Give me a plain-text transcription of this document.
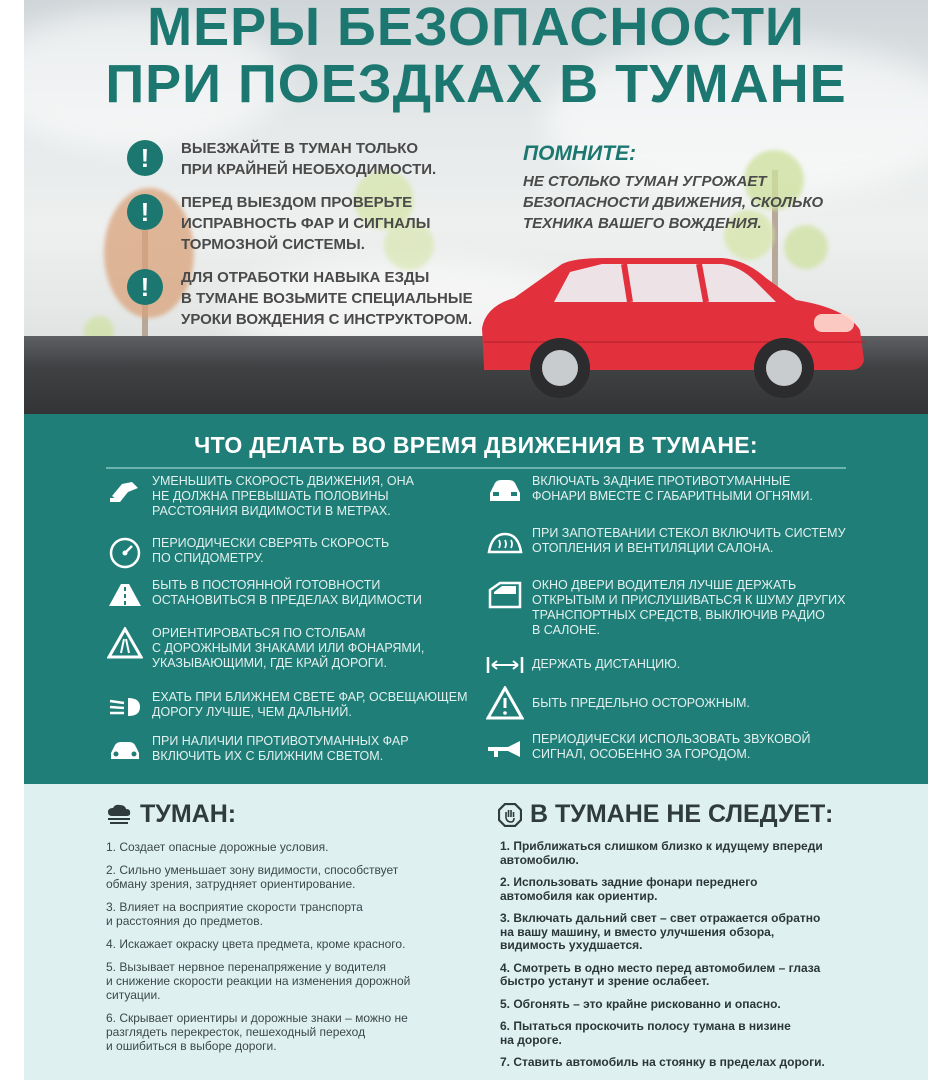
!	ВЫЕЗЖАЙТЕ В ТУМАН ТОЛЬКО
ПРИ КРАЙНЕЙ НЕОБХОДИМОСТИ.
!	ПЕРЕД ВЫЕЗДОМ ПРОВЕРЬТЕ
ИСПРАВНОСТЬ ФАР И СИГНАЛЫ
ТОРМОЗНОЙ СИСТЕМЫ.
!	ДЛЯ ОТРАБОТКИ НАВЫКА ЕЗДЫ
В ТУМАНЕ ВОЗЬМИТЕ СПЕЦИАЛЬНЫЕ
УРОКИ ВОЖДЕНИЯ С ИНСТРУКТОРОМ.
ПОМНИТЕ:
НЕ СТОЛЬКО ТУМАН УГРОЖАЕТ
БЕЗОПАСНОСТИ ДВИЖЕНИЯ, СКОЛЬКО
ТЕХНИКА ВАШЕГО ВОЖДЕНИЯ.
МЕРЫ БЕЗОПАСНОСТИ
ПРИ ПОЕЗДКАХ В ТУМАНЕ
ЧТО ДЕЛАТЬ ВО ВРЕМЯ ДВИЖЕНИЯ В ТУМАНЕ:
УМЕНЬШИТЬ СКОРОСТЬ ДВИЖЕНИЯ, ОНА
НЕ ДОЛЖНА ПРЕВЫШАТЬ ПОЛОВИНЫ
РАССТОЯНИЯ ВИДИМОСТИ В МЕТРАХ.
ПЕРИОДИЧЕСКИ СВЕРЯТЬ СКОРОСТЬ
ПО СПИДОМЕТРУ.
БЫТЬ В ПОСТОЯННОЙ ГОТОВНОСТИ
ОСТАНОВИТЬСЯ В ПРЕДЕЛАХ ВИДИМОСТИ
ОРИЕНТИРОВАТЬСЯ ПО СТОЛБАМ
С ДОРОЖНЫМИ ЗНАКАМИ ИЛИ ФОНАРЯМИ,
УКАЗЫВАЮЩИМИ, ГДЕ КРАЙ ДОРОГИ.
ЕХАТЬ ПРИ БЛИЖНЕМ СВЕТЕ ФАР, ОСВЕЩАЮЩЕМ
ДОРОГУ ЛУЧШЕ, ЧЕМ ДАЛЬНИЙ.
ПРИ НАЛИЧИИ ПРОТИВОТУМАННЫХ ФАР
ВКЛЮЧИТЬ ИХ С БЛИЖНИМ СВЕТОМ.
ВКЛЮЧАТЬ ЗАДНИЕ ПРОТИВОТУМАННЫЕ
ФОНАРИ ВМЕСТЕ С ГАБАРИТНЫМИ ОГНЯМИ.
ПРИ ЗАПОТЕВАНИИ СТЕКОЛ ВКЛЮЧИТЬ СИСТЕМУ
ОТОПЛЕНИЯ И ВЕНТИЛЯЦИИ САЛОНА.
ОКНО ДВЕРИ ВОДИТЕЛЯ ЛУЧШЕ ДЕРЖАТЬ
ОТКРЫТЫМ И ПРИСЛУШИВАТЬСЯ К ШУМУ ДРУГИХ
ТРАНСПОРТНЫХ СРЕДСТВ, ВЫКЛЮЧИВ РАДИО
В САЛОНЕ.
ДЕРЖАТЬ ДИСТАНЦИЮ.
БЫТЬ ПРЕДЕЛЬНО ОСТОРОЖНЫМ.
ПЕРИОДИЧЕСКИ ИСПОЛЬЗОВАТЬ ЗВУКОВОЙ
СИГНАЛ, ОСОБЕННО ЗА ГОРОДОМ.
ТУМАН:
1. Создает опасные дорожные условия.
2. Сильно уменьшает зону видимости, способствует
обману зрения, затрудняет ориентирование.
3. Влияет на восприятие скорости транспорта
и расстояния до предметов.
4. Искажает окраску цвета предмета, кроме красного.
5. Вызывает нервное перенапряжение у водителя
и снижение скорости реакции на изменения дорожной
ситуации.
6. Скрывает ориентиры и дорожные знаки – можно не
разглядеть перекресток, пешеходный переход
и ошибиться в выборе дороги.
В ТУМАНЕ НЕ СЛЕДУЕТ:
1. Приближаться слишком близко к идущему впереди
автомобилю.
2. Использовать задние фонари переднего
автомобиля как ориентир.
3. Включать дальний свет – свет отражается обратно
на вашу машину, и вместо улучшения обзора,
видимость ухудшается.
4. Смотреть в одно место перед автомобилем – глаза
быстро устанут и зрение ослабеет.
5. Обгонять – это крайне рискованно и опасно.
6. Пытаться проскочить полосу тумана в низине
на дороге.
7. Ставить автомобиль на стоянку в пределах дороги.
